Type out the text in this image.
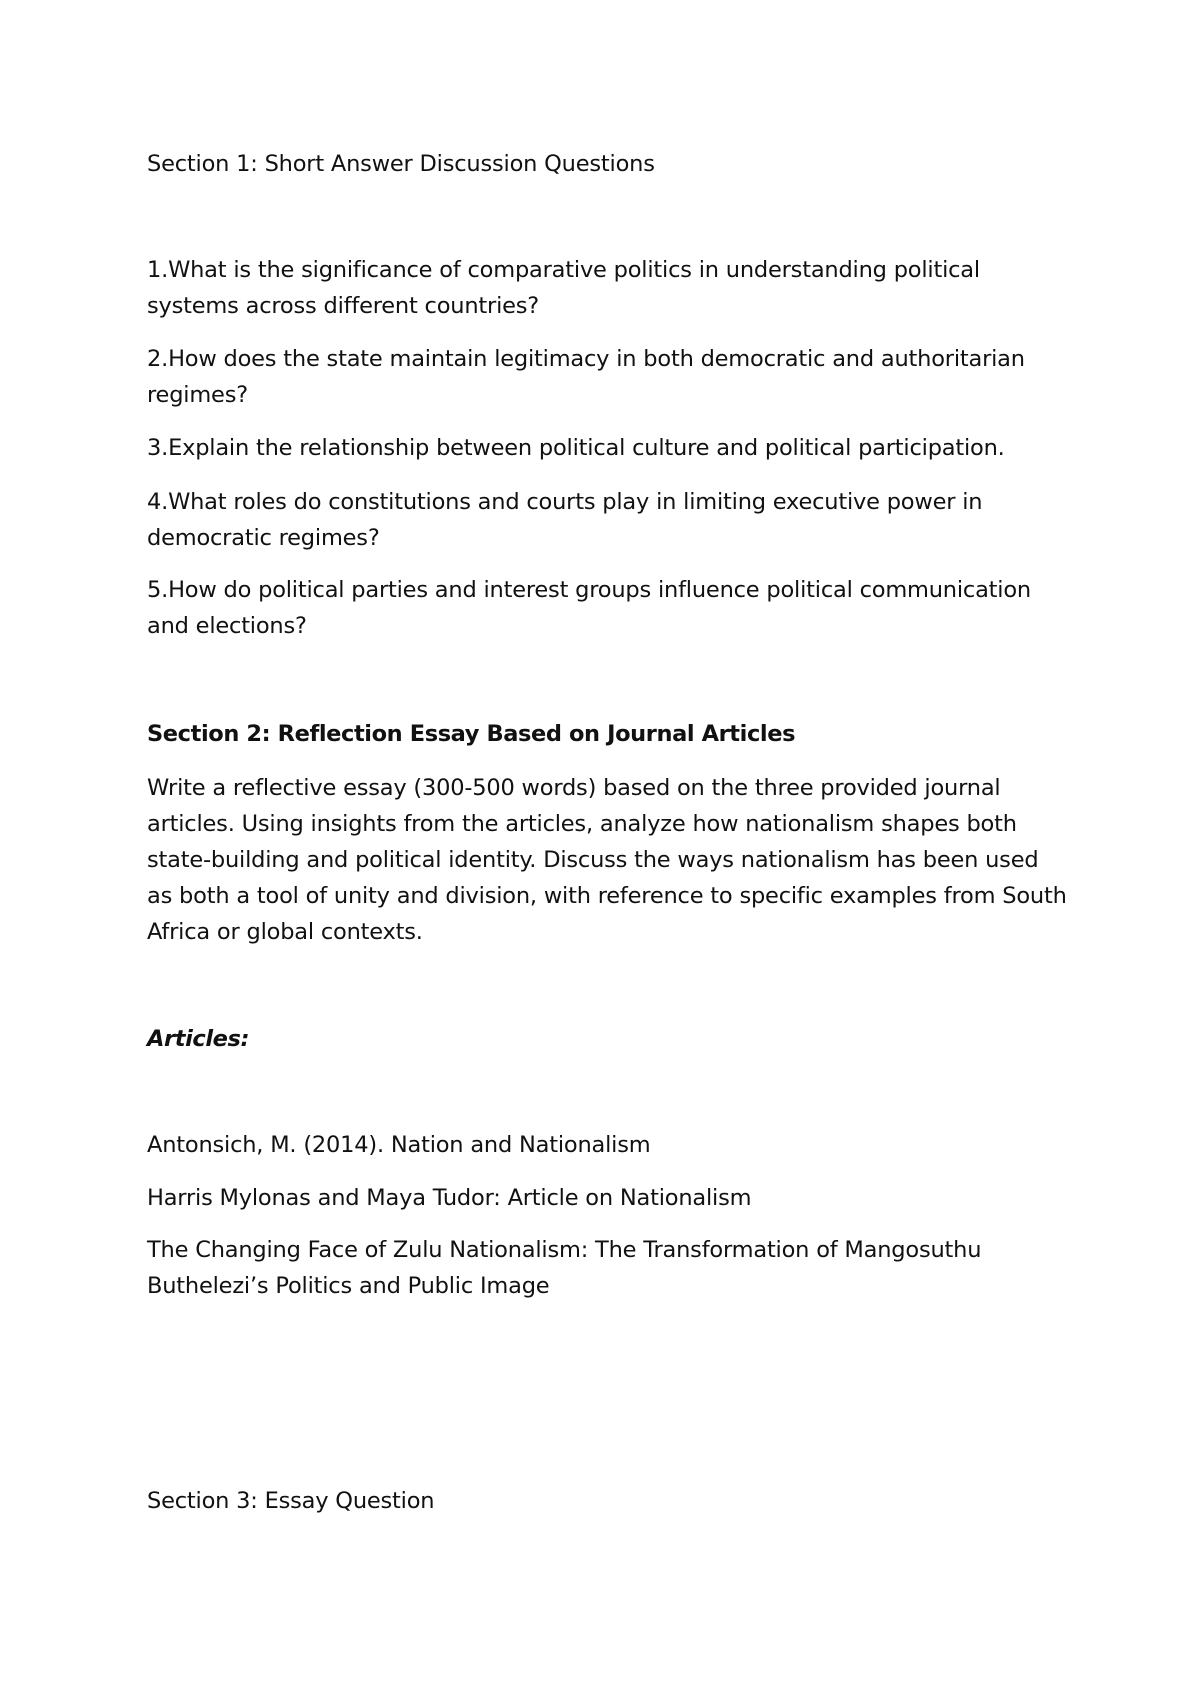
Section 1: Short Answer Discussion Questions
1.What is the significance of comparative politics in understanding political systems across different countries?
2.How does the state maintain legitimacy in both democratic and authoritarian regimes?
3.Explain the relationship between political culture and political participation.
4.What roles do constitutions and courts play in limiting executive power in democratic regimes?
5.How do political parties and interest groups influence political communication and elections?
Section 2: Reflection Essay Based on Journal Articles
Write a reflective essay (300-500 words) based on the three provided journal articles. Using insights from the articles, analyze how nationalism shapes both state-building and political identity. Discuss the ways nationalism has been used as both a tool of unity and division, with reference to specific examples from South Africa or global contexts.
Articles:
Antonsich, M. (2014). Nation and Nationalism
Harris Mylonas and Maya Tudor: Article on Nationalism
The Changing Face of Zulu Nationalism: The Transformation of Mangosuthu Buthelezi’s Politics and Public Image
Section 3: Essay Question
